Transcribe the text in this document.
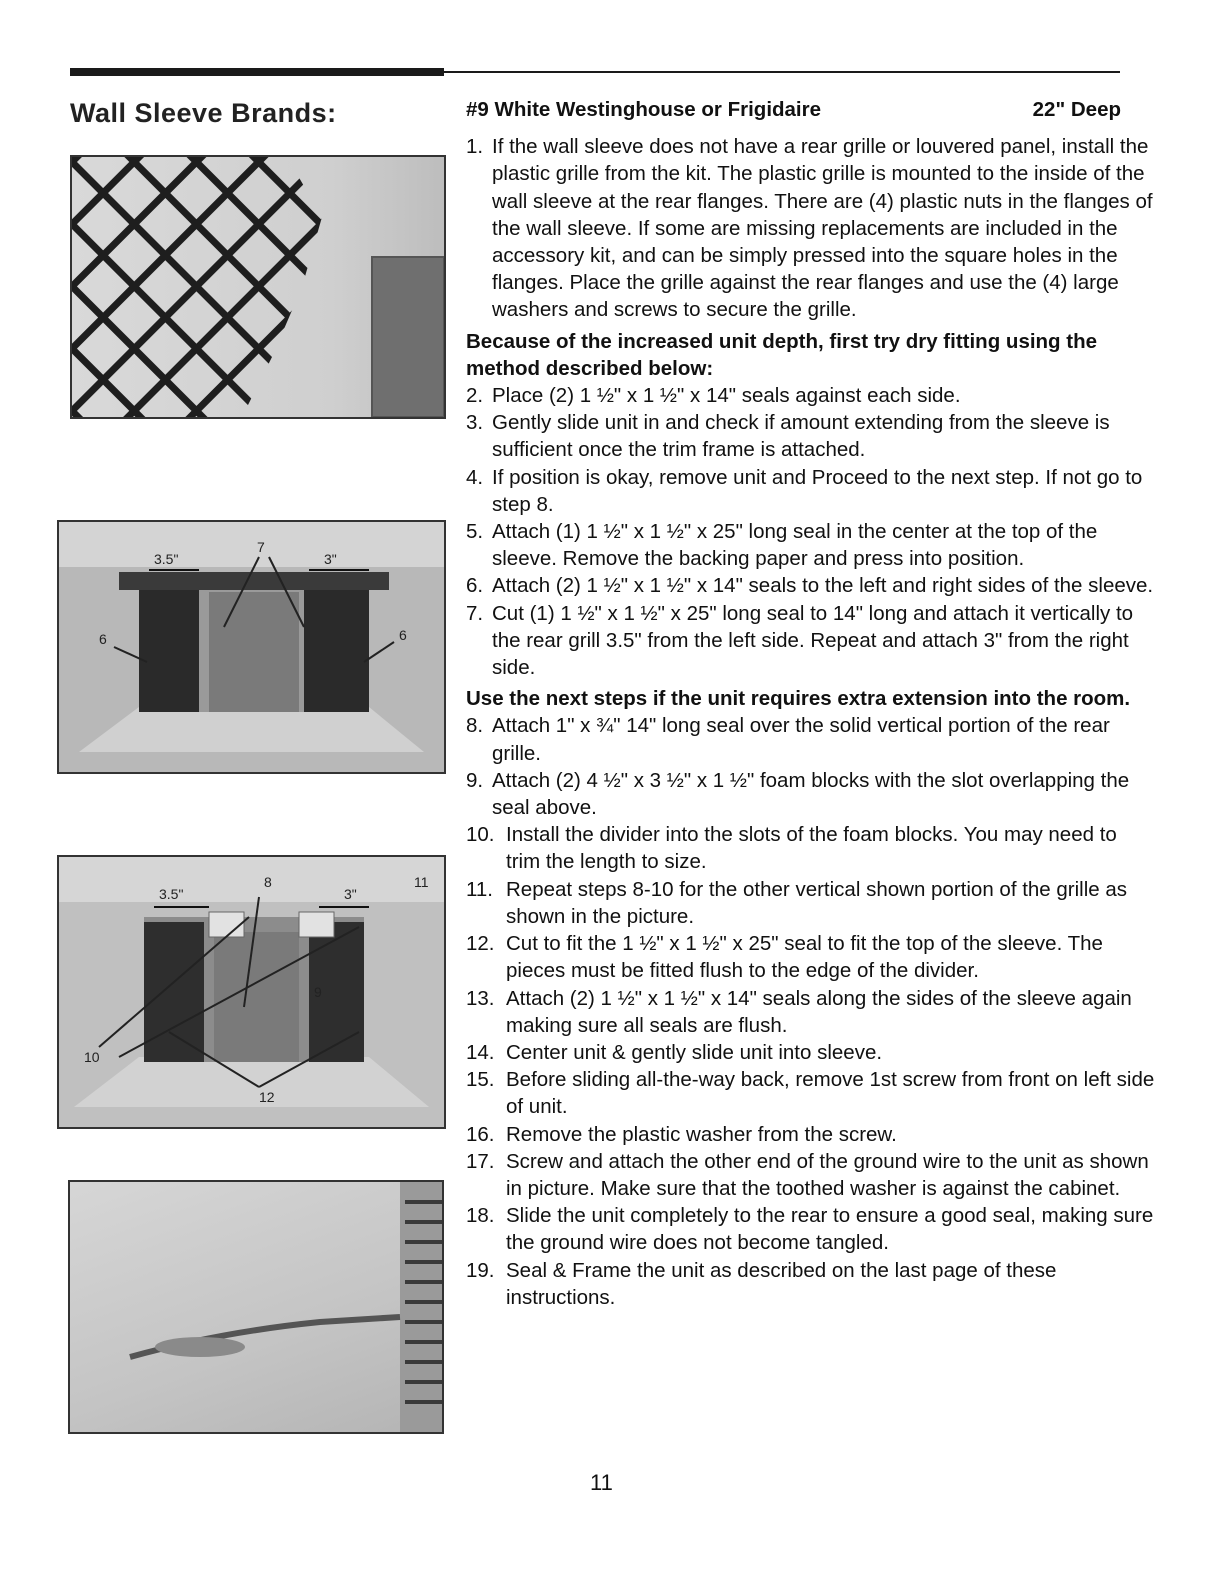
Wall Sleeve Brands:
3.5"
7
3"
6	6
3.5"
8
3"
11
10
12
9
#9 White Westinghouse or Frigidaire	22" Deep
1. If the wall sleeve does not have a rear grille or louvered panel, install the plastic grille from the kit. The plastic grille is mounted to the inside of the wall sleeve at the rear flanges. There are (4) plastic nuts in the flanges of the wall sleeve. If some are missing replacements are included in the accessory kit, and can be simply pressed into the square holes in the flanges. Place the grille against the rear flanges and use the (4) large washers and screws to secure the grille.
Because of the increased unit depth, first try dry fitting using the method described below:
2. Place (2) 1 ½" x 1 ½" x 14" seals against each side.
3. Gently slide unit in and check if amount extending from the sleeve is sufficient once the trim frame is attached.
4. If position is okay, remove unit and Proceed to the next step. If not go to step 8.
5. Attach (1) 1 ½" x 1 ½" x 25" long seal in the center at the top of the sleeve. Remove the backing paper and press into position.
6. Attach (2) 1 ½" x 1 ½" x 14" seals to the left and right sides of the sleeve.
7. Cut (1) 1 ½" x 1 ½" x 25" long seal to 14" long and attach it vertically to the rear grill 3.5" from the left side. Repeat and attach 3" from the right side.
Use the next steps if the unit requires extra extension into the room.
8. Attach 1" x ¾" 14" long seal over the solid vertical portion of the rear grille.
9. Attach (2) 4 ½" x 3 ½" x 1 ½" foam blocks with the slot overlapping the seal above.
10. Install the divider into the slots of the foam blocks. You may need to trim the length to size.
11. Repeat steps 8-10 for the other vertical shown portion of the grille as shown in the picture.
12. Cut to fit the 1 ½" x 1 ½" x 25" seal to fit the top of the sleeve. The pieces must be fitted flush to the edge of the divider.
13. Attach (2) 1 ½" x 1 ½" x 14" seals along the sides of the sleeve again making sure all seals are flush.
14. Center unit & gently slide unit into sleeve.
15. Before sliding all-the-way back, remove 1st screw from front on left side of unit.
16. Remove the plastic washer from the screw.
17. Screw and attach the other end of the ground wire to the unit as shown in picture. Make sure that the toothed washer is against the cabinet.
18. Slide the unit completely to the rear to ensure a good seal, making sure the ground wire does not become tangled.
19. Seal & Frame the unit as described on the last page of these instructions.
11
